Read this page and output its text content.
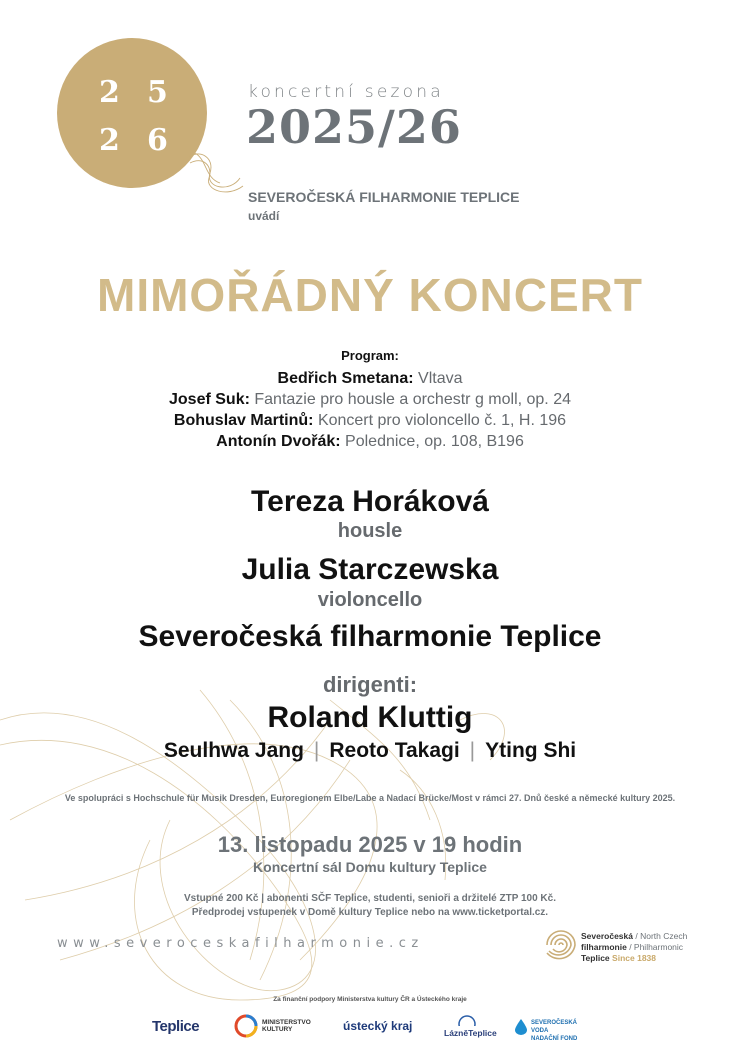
2 5
2 6
koncertní sezona
2025/26
SEVEROČESKÁ FILHARMONIE TEPLICE
uvádí
MIMOŘÁDNÝ KONCERT
Program:
Bedřich Smetana: Vltava
Josef Suk: Fantazie pro housle a orchestr g moll, op. 24
Bohuslav Martinů: Koncert pro violoncello č. 1, H. 196
Antonín Dvořák: Polednice, op. 108, B196
Tereza Horáková
housle
Julia Starczewska
violoncello
Severočeská filharmonie Teplice
dirigenti:
Roland Kluttig
Seulhwa Jang | Reoto Takagi | Yting Shi
Ve spolupráci s Hochschule für Musik Dresden, Euroregionem Elbe/Labe a Nadací Brücke/Most v rámci 27. Dnů české a německé kultury 2025.
13. listopadu 2025 v 19 hodin
Koncertní sál Domu kultury Teplice
Vstupné 200 Kč | abonenti SČF Teplice, studenti, senioři a držitelé ZTP 100 Kč.
Předprodej vstupenek v Domě kultury Teplice nebo na www.ticketportal.cz.
www.severoceskafilharmonie.cz	Severočeská / North Czech
filharmonie / Philharmonic
Teplice Since 1838
Za finanční podpory Ministerstva kultury ČR a Ústeckého kraje
Teplice	MINISTERSTVO
KULTURY	ústecký kraj	LázněTeplice
SEVEROČESKÁ VODA
NADAČNÍ FOND
